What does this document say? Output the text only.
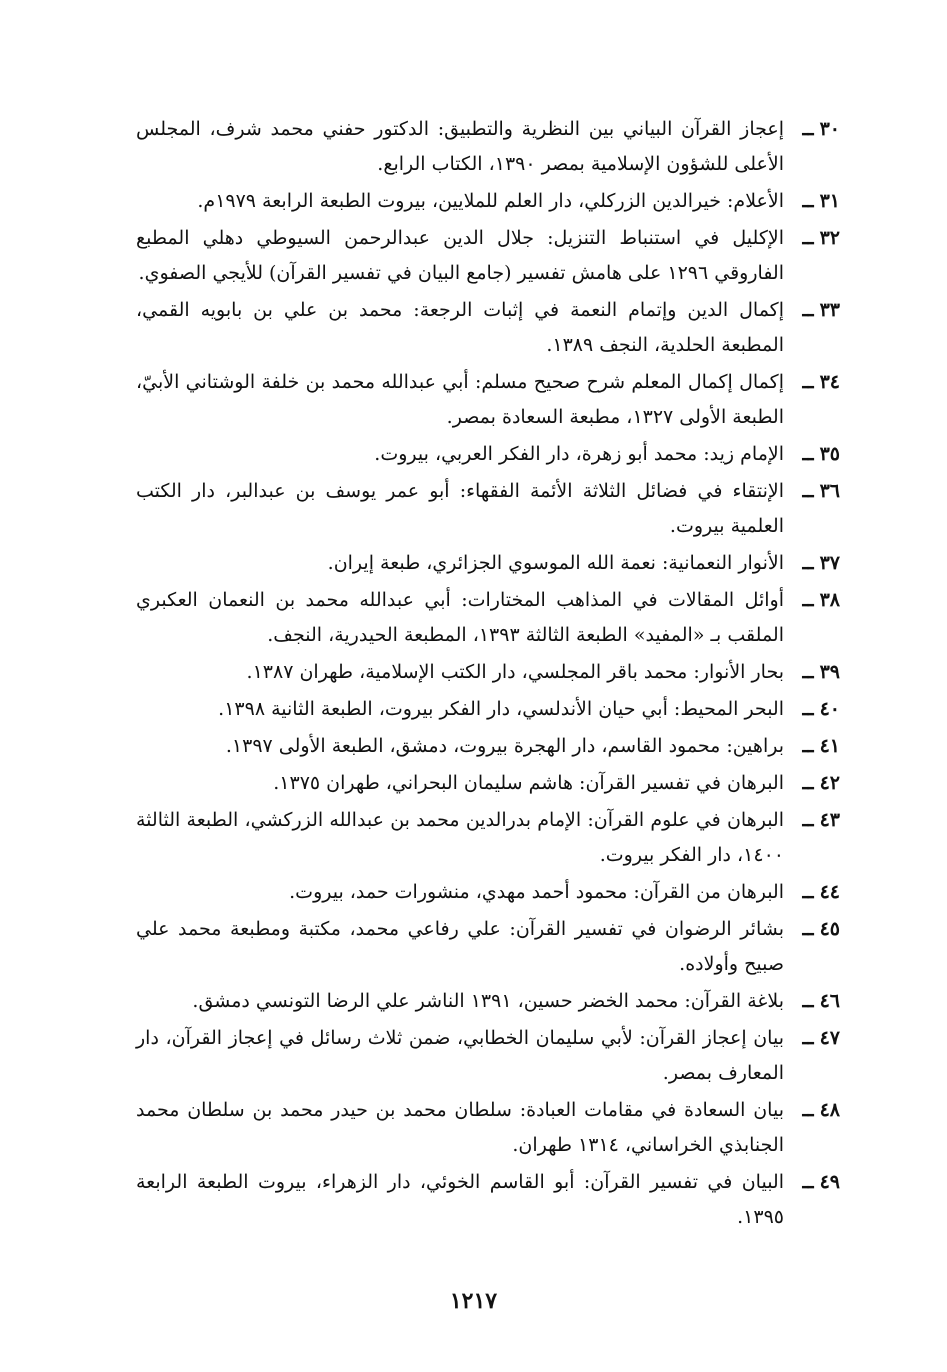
٣٠ــ
إعجاز القرآن البياني بين النظرية والتطبيق: الدكتور حفني محمد شرف، المجلس الأعلى للشؤون الإسلامية بمصر ١٣٩٠، الكتاب الرابع.
٣١ــ
الأعلام: خيرالدين الزركلي، دار العلم للملايين، بيروت الطبعة الرابعة ١٩٧٩م.
٣٢ــ
الإكليل في استنباط التنزيل: جلال الدين عبدالرحمن السيوطي دهلي المطبع الفاروقي ١٢٩٦ على هامش تفسير (جامع البيان في تفسير القرآن) للأيجي الصفوي.
٣٣ــ
إكمال الدين وإتمام النعمة في إثبات الرجعة: محمد بن علي بن بابويه القمي، المطبعة الحلدية، النجف ١٣٨٩.
٣٤ــ
إكمال إكمال المعلم شرح صحيح مسلم: أبي عبدالله محمد بن خلفة الوشتاني الأبيّ، الطبعة الأولى ١٣٢٧، مطبعة السعادة بمصر.
٣٥ــ
الإمام زيد: محمد أبو زهرة، دار الفكر العربي، بيروت.
٣٦ــ
الإنتقاء في فضائل الثلاثة الأئمة الفقهاء: أبو عمر يوسف بن عبدالبر، دار الكتب العلمية بيروت.
٣٧ــ
الأنوار النعمانية: نعمة الله الموسوي الجزائري، طبعة إيران.
٣٨ــ
أوائل المقالات في المذاهب المختارات: أبي عبدالله محمد بن النعمان العكبري الملقب بـ «المفيد» الطبعة الثالثة ١٣٩٣، المطبعة الحيدرية، النجف.
٣٩ــ
بحار الأنوار: محمد باقر المجلسي، دار الكتب الإسلامية، طهران ١٣٨٧.
٤٠ــ
البحر المحيط: أبي حيان الأندلسي، دار الفكر بيروت، الطبعة الثانية ١٣٩٨.
٤١ــ
براهين: محمود القاسم، دار الهجرة بيروت، دمشق، الطبعة الأولى ١٣٩٧.
٤٢ــ
البرهان في تفسير القرآن: هاشم سليمان البحراني، طهران ١٣٧٥.
٤٣ــ
البرهان في علوم القرآن: الإمام بدرالدين محمد بن عبدالله الزركشي، الطبعة الثالثة ١٤٠٠، دار الفكر بيروت.
٤٤ــ
البرهان من القرآن: محمود أحمد مهدي، منشورات حمد، بيروت.
٤٥ــ
بشائر الرضوان في تفسير القرآن: علي رفاعي محمد، مكتبة ومطبعة محمد علي صبيح وأولاده.
٤٦ــ
بلاغة القرآن: محمد الخضر حسين، ١٣٩١ الناشر علي الرضا التونسي دمشق.
٤٧ــ
بيان إعجاز القرآن: لأبي سليمان الخطابي، ضمن ثلاث رسائل في إعجاز القرآن، دار المعارف بمصر.
٤٨ــ
بيان السعادة في مقامات العبادة: سلطان محمد بن حيدر محمد بن سلطان محمد الجنابذي الخراساني، ١٣١٤ طهران.
٤٩ــ
البيان في تفسير القرآن: أبو القاسم الخوئي، دار الزهراء، بيروت الطبعة الرابعة ١٣٩٥.
١٢١٧
